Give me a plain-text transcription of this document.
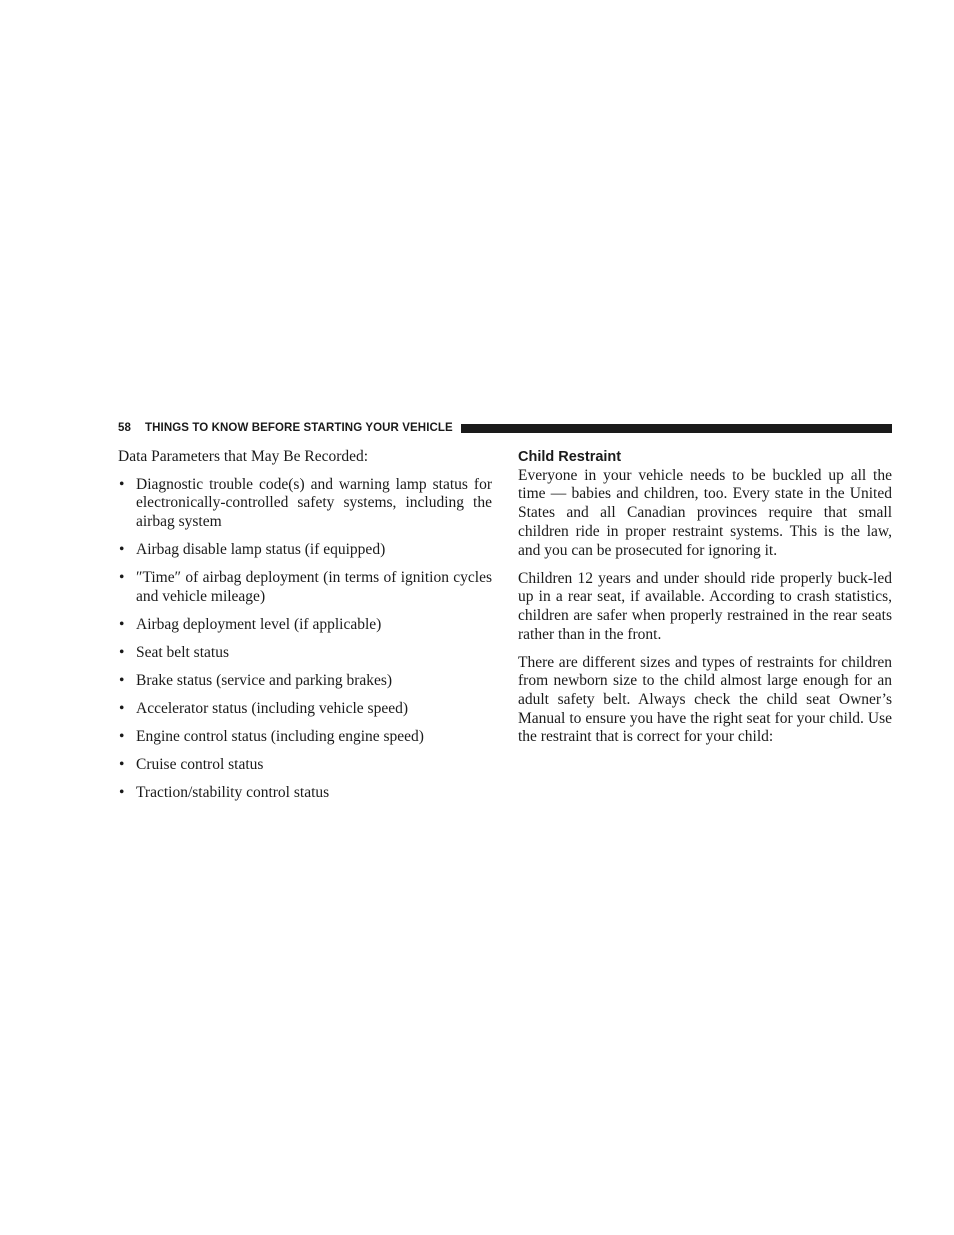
58 THINGS TO KNOW BEFORE STARTING YOUR VEHICLE

Data Parameters that May Be Recorded:

• Diagnostic trouble code(s) and warning lamp status for electronically-controlled safety systems, including the airbag system
• Airbag disable lamp status (if equipped)
• ″Time″ of airbag deployment (in terms of ignition cycles and vehicle mileage)
• Airbag deployment level (if applicable)
• Seat belt status
• Brake status (service and parking brakes)
• Accelerator status (including vehicle speed)
• Engine control status (including engine speed)
• Cruise control status
• Traction/stability control status
Child Restraint

Everyone in your vehicle needs to be buckled up all the time — babies and children, too. Every state in the United States and all Canadian provinces require that small children ride in proper restraint systems. This is the law, and you can be prosecuted for ignoring it.

Children 12 years and under should ride properly buck-led up in a rear seat, if available. According to crash statistics, children are safer when properly restrained in the rear seats rather than in the front.

There are different sizes and types of restraints for children from newborn size to the child almost large enough for an adult safety belt. Always check the child seat Owner’s Manual to ensure you have the right seat for your child. Use the restraint that is correct for your child:
